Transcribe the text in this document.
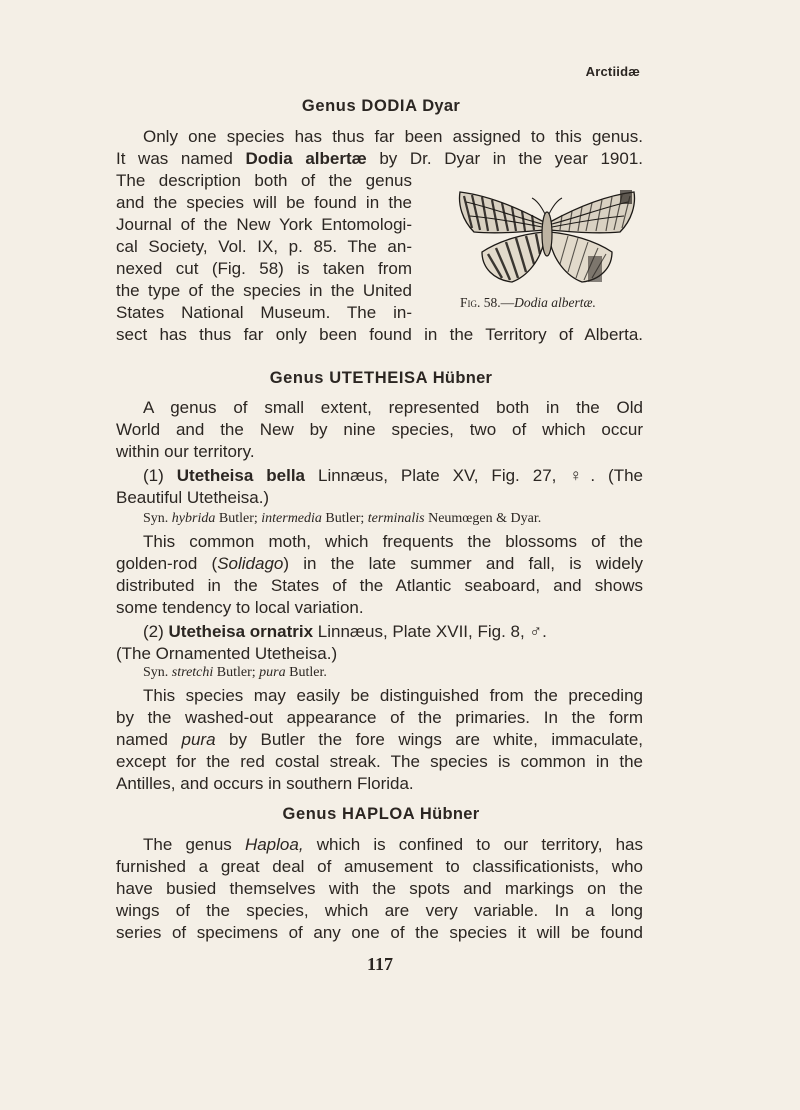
Arctiidæ
Genus DODIA Dyar
Only one species has thus far been assigned to this genus.
It was named Dodia albertæ by Dr. Dyar in the year 1901.
The description both of the genus
and the species will be found in the
Journal of the New York Entomologi-
cal Society, Vol. IX, p. 85. The an-
nexed cut (Fig. 58) is taken from
the type of the species in the United
States National Museum. The in-
sect has thus far only been found in the Territory of Alberta.
Fig. 58.—Dodia albertæ.
Genus UTETHEISA Hübner
A genus of small extent, represented both in the Old
World and the New by nine species, two of which occur
within our territory.
(1) Utetheisa bella Linnæus, Plate XV, Fig. 27, ♀. (The
Beautiful Utetheisa.)
Syn. hybrida Butler; intermedia Butler; terminalis Neumœgen & Dyar.
This common moth, which frequents the blossoms of the
golden-rod (Solidago) in the late summer and fall, is widely
distributed in the States of the Atlantic seaboard, and shows
some tendency to local variation.
(2) Utetheisa ornatrix Linnæus, Plate XVII, Fig. 8, ♂.
(The Ornamented Utetheisa.)
Syn. stretchi Butler; pura Butler.
This species may easily be distinguished from the preceding
by the washed-out appearance of the primaries. In the form
named pura by Butler the fore wings are white, immaculate,
except for the red costal streak. The species is common in the
Antilles, and occurs in southern Florida.
Genus HAPLOA Hübner
The genus Haploa, which is confined to our territory, has
furnished a great deal of amusement to classificationists, who
have busied themselves with the spots and markings on the
wings of the species, which are very variable. In a long
series of specimens of any one of the species it will be found
117
